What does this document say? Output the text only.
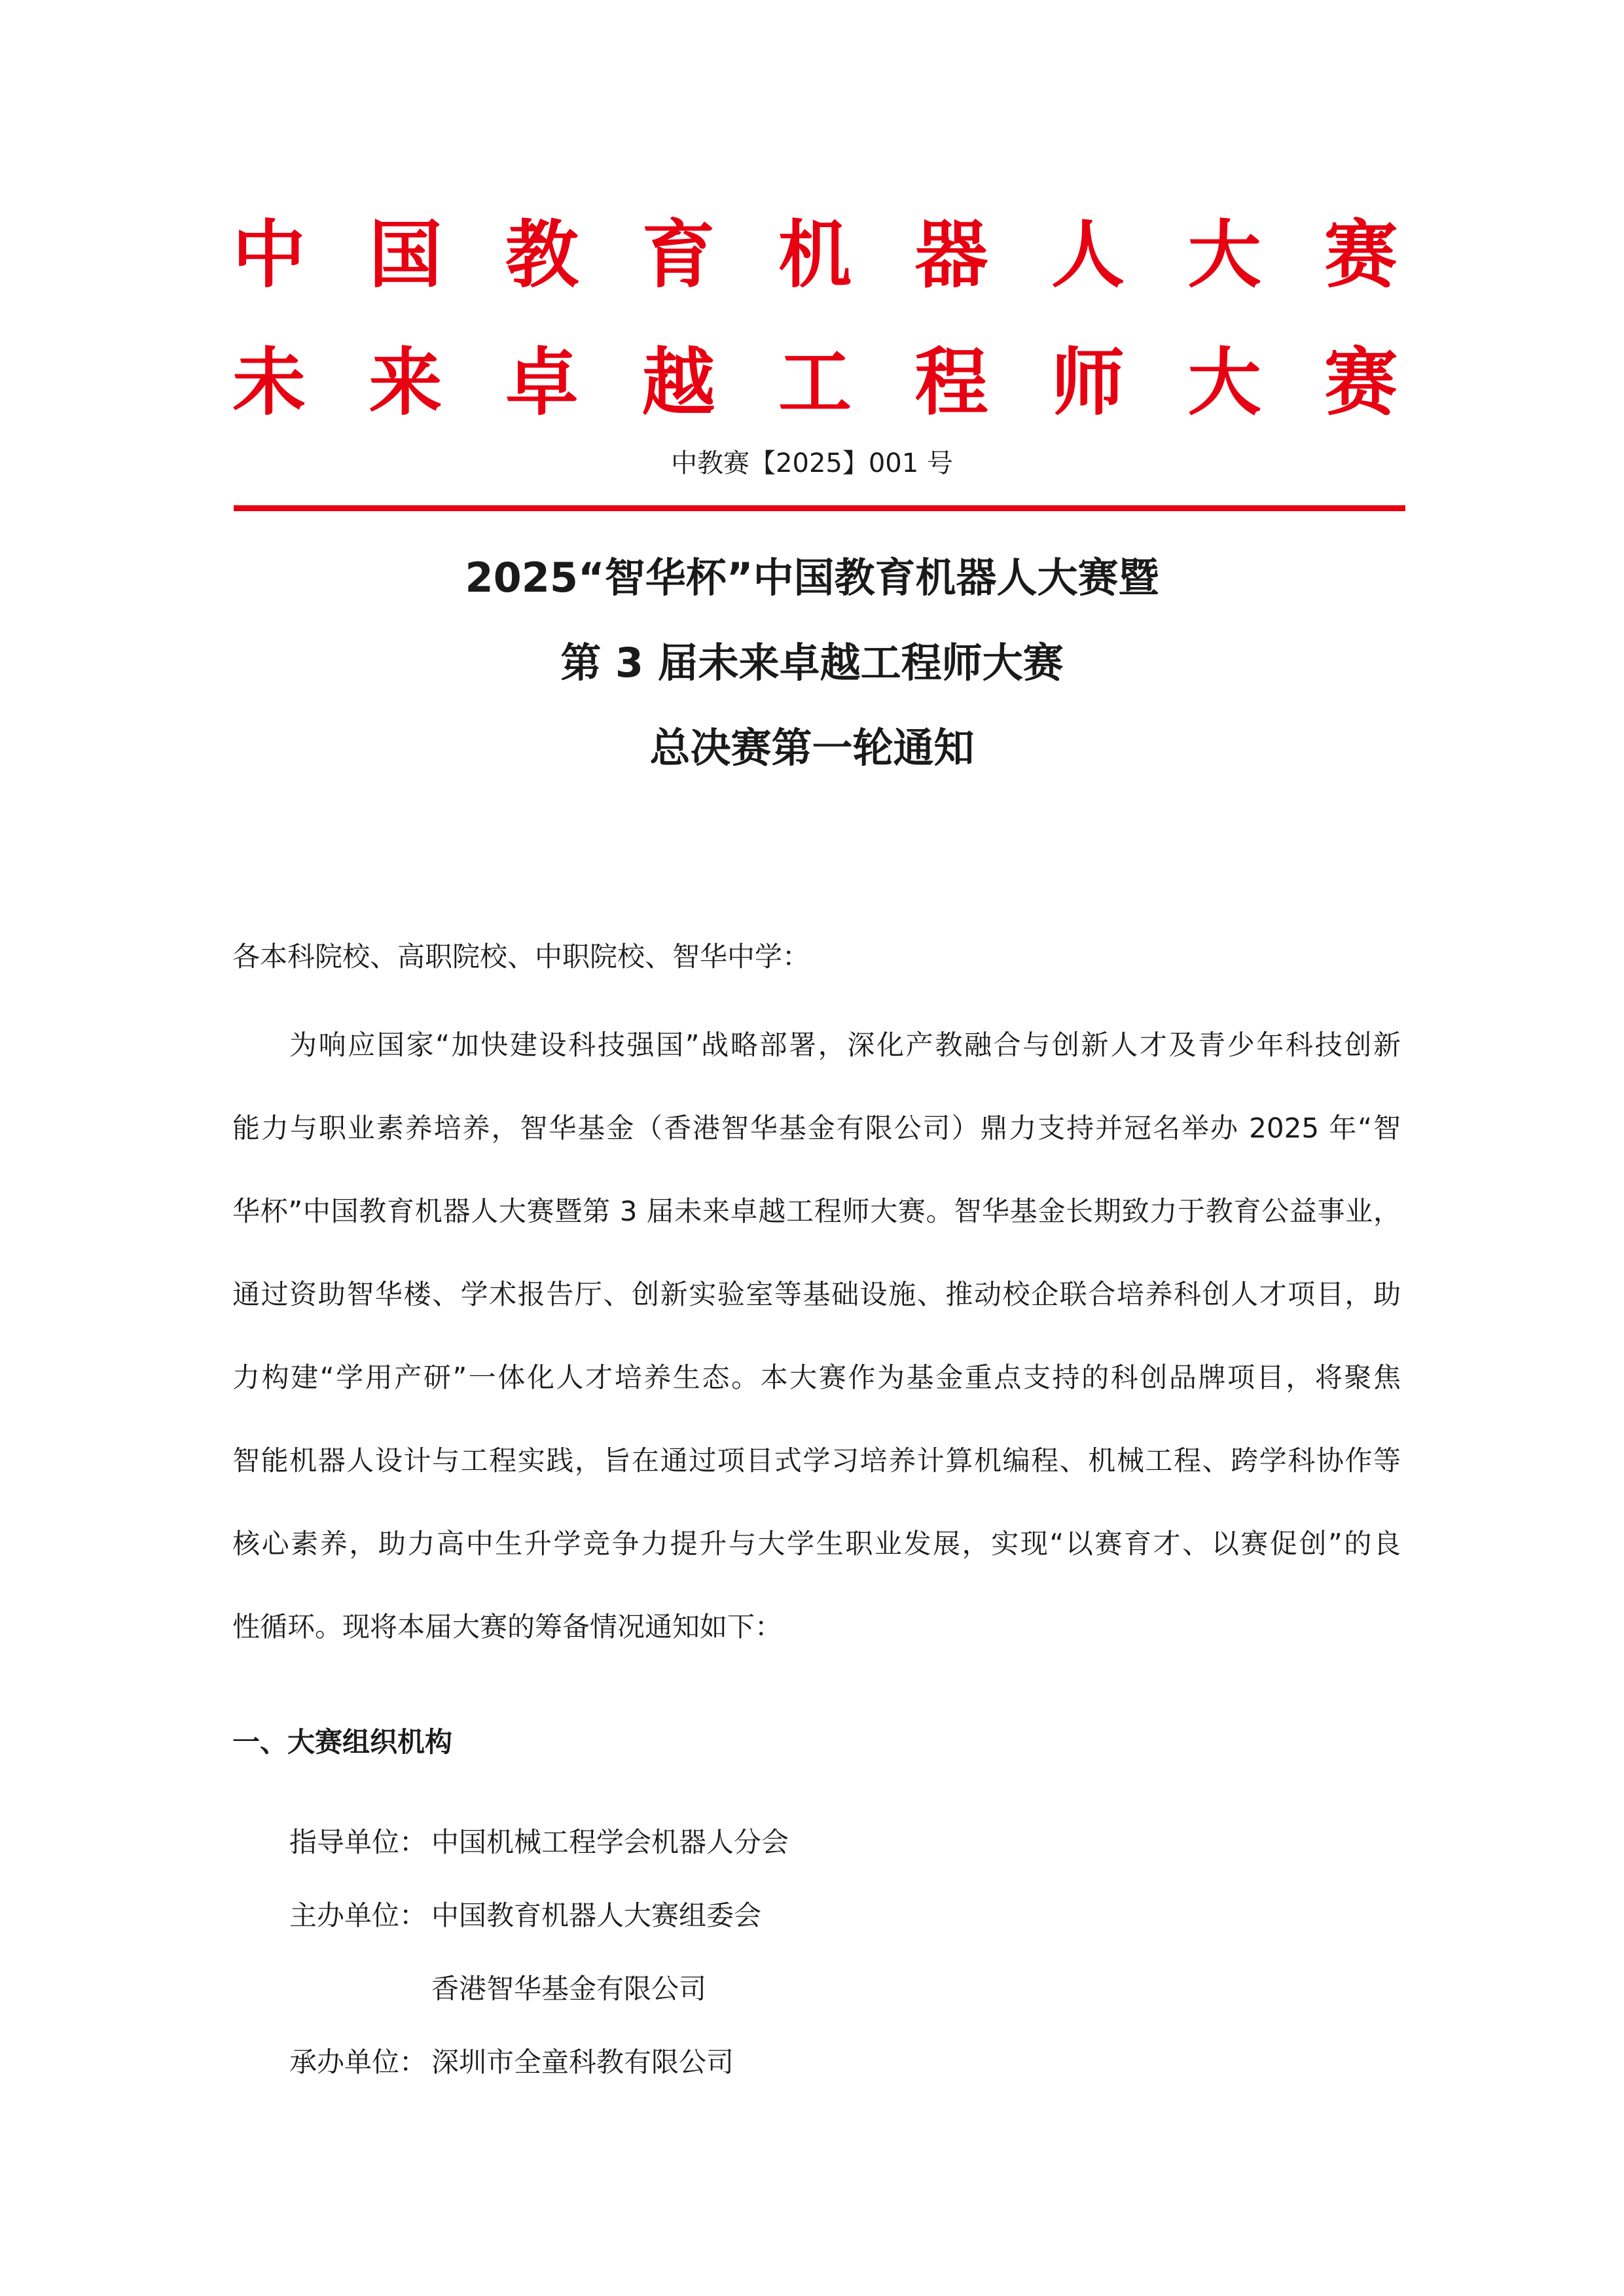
中 国 教 育 机 器 人 大 赛
未 来 卓 越 工 程 师 大 赛
中教赛【2025】001 号
2025“智华杯”中国教育机器人大赛暨
第 3 届未来卓越工程师大赛
总决赛第一轮通知
各本科院校、高职院校、中职院校、智华中学：
为响应国家“加快建设科技强国”战略部署，深化产教融合与创新人才及青少年科技创新
能力与职业素养培养，智华基金（香港智华基金有限公司）鼎力支持并冠名举办 2025 年“智
华杯”中国教育机器人大赛暨第 3 届未来卓越工程师大赛。智华基金长期致力于教育公益事业，
通过资助智华楼、学术报告厅、创新实验室等基础设施、推动校企联合培养科创人才项目，助
力构建“学用产研”一体化人才培养生态。本大赛作为基金重点支持的科创品牌项目，将聚焦
智能机器人设计与工程实践，旨在通过项目式学习培养计算机编程、机械工程、跨学科协作等
核心素养，助力高中生升学竞争力提升与大学生职业发展，实现“以赛育才、以赛促创”的良
性循环。现将本届大赛的筹备情况通知如下：
一、大赛组织机构
指导单位： 中国机械工程学会机器人分会
主办单位： 中国教育机器人大赛组委会
香港智华基金有限公司
承办单位： 深圳市全童科教有限公司
